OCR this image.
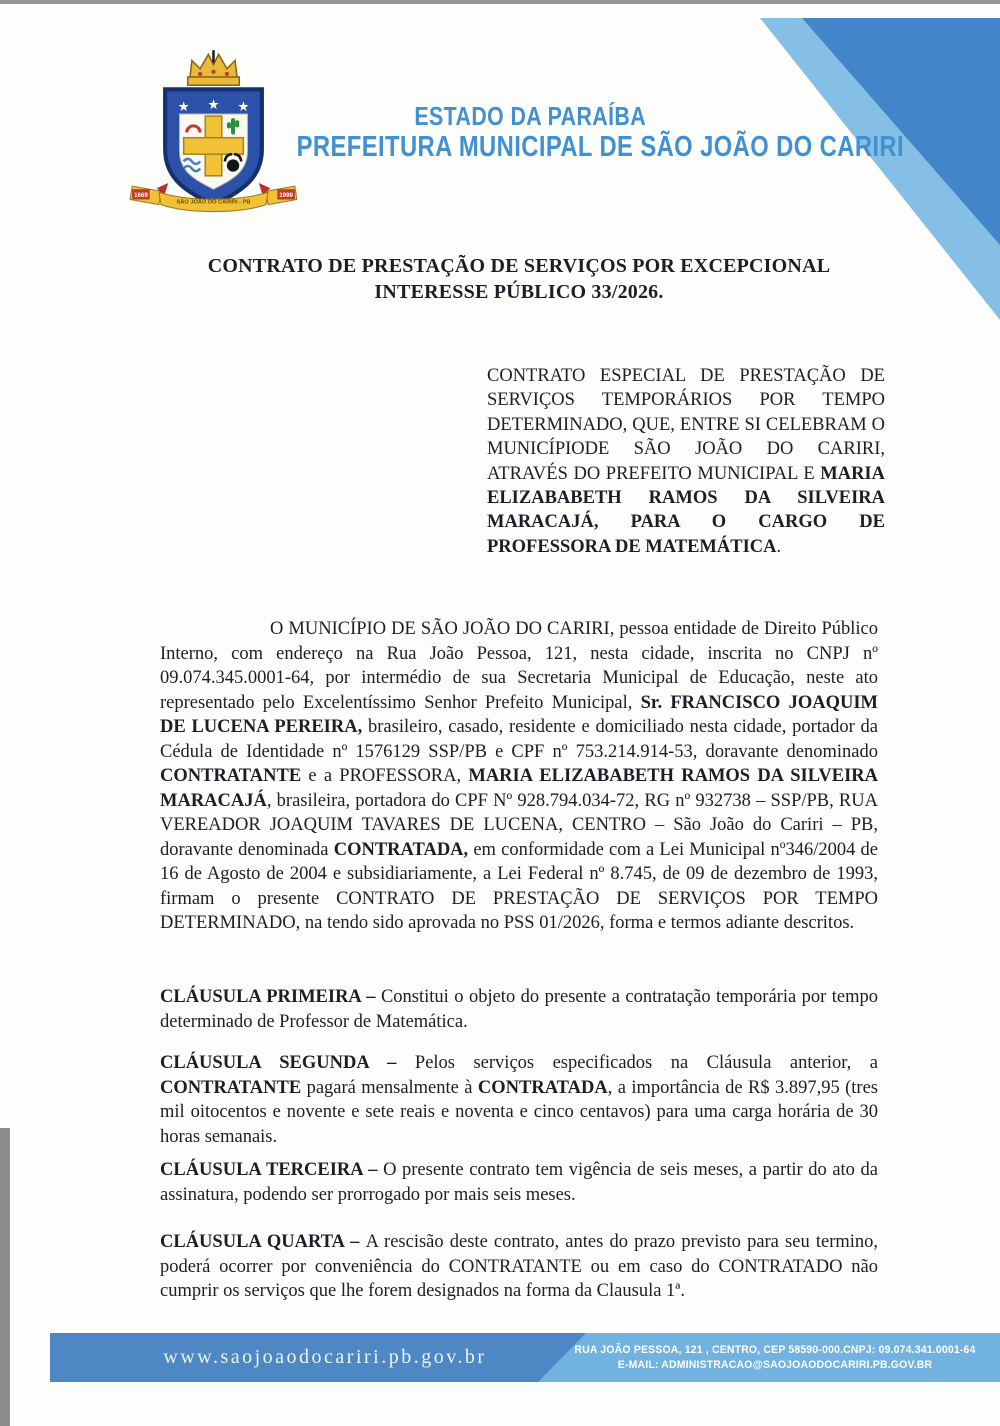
★ ★ ★
1669	1999
SÃO JOÃO DO CARIRI - PB
ESTADO DA PARAÍBA
PREFEITURA MUNICIPAL DE SÃO JOÃO DO CARIRI
CONTRATO DE PRESTAÇÃO DE SERVIÇOS POR EXCEPCIONAL
INTERESSE PÚBLICO 33/2026.
CONTRATO ESPECIAL DE PRESTAÇÃO DE SERVIÇOS TEMPORÁRIOS POR TEMPO DETERMINADO, QUE, ENTRE SI CELEBRAM O MUNICÍPIODE SÃO JOÃO DO CARIRI, ATRAVÉS DO PREFEITO MUNICIPAL E MARIA ELIZABABETH RAMOS DA SILVEIRA MARACAJÁ, PARA O CARGO DE PROFESSORA DE MATEMÁTICA.
O MUNICÍPIO DE SÃO JOÃO DO CARIRI, pessoa entidade de Direito Público Interno, com endereço na Rua João Pessoa, 121, nesta cidade, inscrita no CNPJ nº 09.074.345.0001-64, por intermédio de sua Secretaria Municipal de Educação, neste ato representado pelo Excelentíssimo Senhor Prefeito Municipal, Sr. FRANCISCO JOAQUIM DE LUCENA PEREIRA, brasileiro, casado, residente e domiciliado nesta cidade, portador da Cédula de Identidade nº 1576129 SSP/PB e CPF nº 753.214.914-53, doravante denominado CONTRATANTE e a PROFESSORA, MARIA ELIZABABETH RAMOS DA SILVEIRA MARACAJÁ, brasileira, portadora do CPF Nº 928.794.034-72, RG nº 932738 – SSP/PB, RUA VEREADOR JOAQUIM TAVARES DE LUCENA, CENTRO – São João do Cariri – PB, doravante denominada CONTRATADA, em conformidade com a Lei Municipal nº346/2004 de 16 de Agosto de 2004 e subsidiariamente, a Lei Federal nº 8.745, de 09 de dezembro de 1993, firmam o presente CONTRATO DE PRESTAÇÃO DE SERVIÇOS POR TEMPO DETERMINADO, na tendo sido aprovada no PSS 01/2026, forma e termos adiante descritos.
CLÁUSULA PRIMEIRA – Constitui o objeto do presente a contratação temporária por tempo determinado de Professor de Matemática.
CLÁUSULA SEGUNDA – Pelos serviços especificados na Cláusula anterior, a CONTRATANTE pagará mensalmente à CONTRATADA, a importância de R$ 3.897,95 (tres mil oitocentos e novente e sete reais e noventa e cinco centavos) para uma carga horária de 30 horas semanais.
CLÁUSULA TERCEIRA – O presente contrato tem vigência de seis meses, a partir do ato da assinatura, podendo ser prorrogado por mais seis meses.
CLÁUSULA QUARTA – A rescisão deste contrato, antes do prazo previsto para seu termino, poderá ocorrer por conveniência do CONTRATANTE ou em caso do CONTRATADO não cumprir os serviços que lhe forem designados na forma da Clausula 1ª.
www.saojoaodocariri.pb.gov.br	RUA JOÃO PESSOA, 121 , CENTRO, CEP 58590-000.CNPJ: 09.074.341.0001-64
E-MAIL: ADMINISTRACAO@SAOJOAODOCARIRI.PB.GOV.BR
